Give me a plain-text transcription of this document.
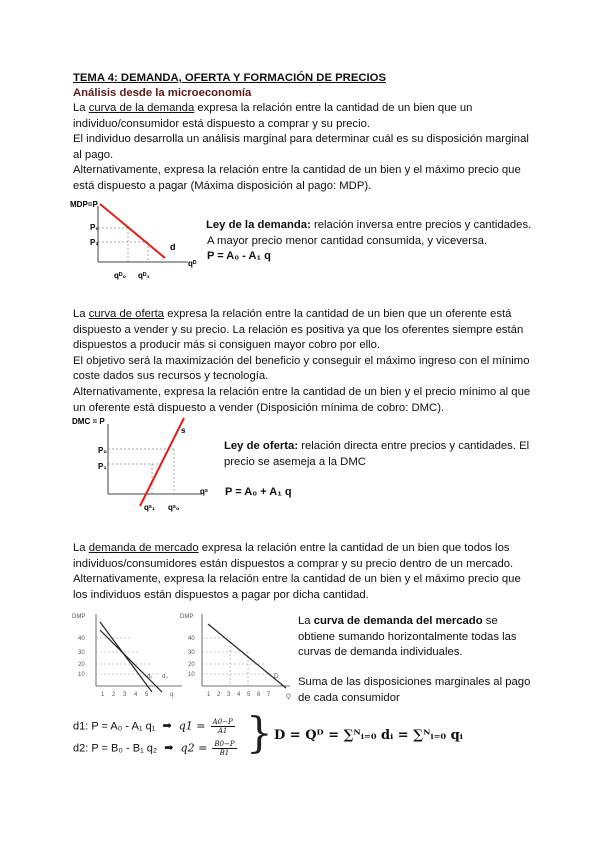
TEMA 4: DEMANDA, OFERTA Y FORMACIÓN DE PRECIOS
Análisis desde la microeconomía
La curva de la demanda expresa la relación entre la cantidad de un bien que un
individuo/consumidor está dispuesto a comprar y su precio.
El individuo desarrolla un análisis marginal para determinar cuál es su disposición marginal
al pago.
Alternativamente, expresa la relación entre la cantidad de un bien y el máximo precio que
está dispuesto a pagar (Máxima disposición al pago: MDP).
MDP=P
P₀
P₁	d
qᴰ
qᴰ₀ qᴰ₁
Ley de la demanda: relación inversa entre precios y cantidades.
A mayor precio menor cantidad consumida, y viceversa.
P = A₀ - A₁ q
La curva de oferta expresa la relación entre la cantidad de un bien que un oferente está
dispuesto a vender y su precio. La relación es positiva ya que los oferentes siempre están
dispuestos a producir más si consiguen mayor cobro por ello.
El objetivo será la maximización del beneficio y conseguir el máximo ingreso con el mínimo
coste dados sus recursos y tecnología.
Alternativamente, expresa la relación entre la cantidad de un bien y el precio mínimo al que
un oferente está dispuesto a vender (Disposición mínima de cobro: DMC).
DMC = P
P₀
P₁
s
qˢ
qˢ₁ qˢ₀
Ley de oferta: relación directa entre precios y cantidades. El
precio se asemeja a la DMC
P = A₀ + A₁ q
La demanda de mercado expresa la relación entre la cantidad de un bien que todos los
individuos/consumidores están dispuestos a comprar y su precio dentro de un mercado.
Alternativamente, expresa la relación entre la cantidad de un bien y el máximo precio que
los individuos están dispuestos a pagar por dicha cantidad.
DMP
40
30
20
10
1 2 3 4 5	q
d₁ d₂
DMP
40
30
20
10
1 2 3 4 5 6 7	Q
D
La curva de demanda del mercado se
obtiene sumando horizontalmente todas las
curvas de demanda individuales.
Suma de las disposiciones marginales al pago
de cada consumidor
d1: P = A₀ - A₁ q₁ ➡ $q1 = \frac{A0-P}{A1}$
d2: P = B₀ - B₁ q₂ ➡ $q2 = \frac{B0-P}{B1}$ } D = Qᴰ = ∑ᴺᵢ₌₀ dᵢ = ∑ᴺᵢ₌₀ qᵢ
